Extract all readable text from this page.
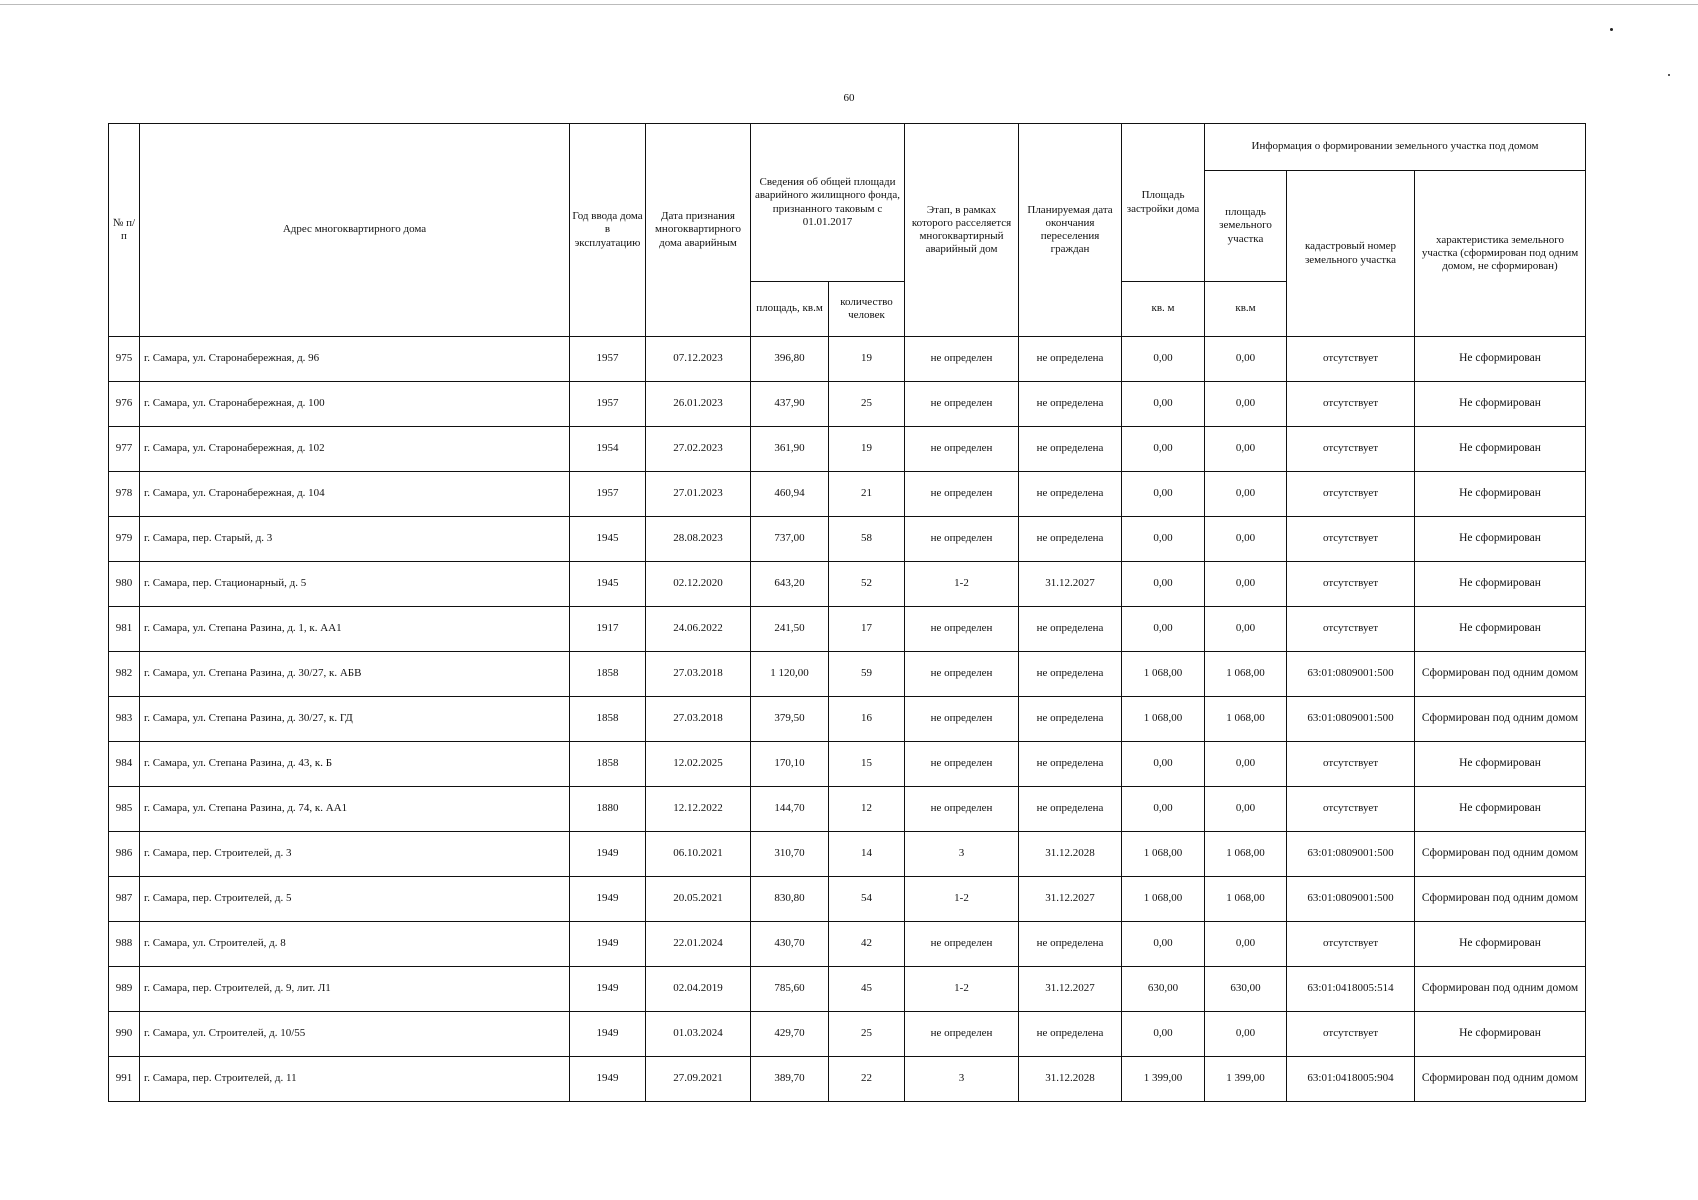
60
№ п/п	Адрес многоквартирного дома	Год ввода дома в эксплуатацию	Дата признания многоквартирного дома аварийным	Сведения об общей площади аварийного жилищного фонда, признанного таковым с 01.01.2017		Этап, в рамках которого расселяется многоквартирный аварийный дом	Планируемая дата окончания переселения граждан	Площадь застройки дома	Информация о формировании земельного участка под домом		
									площадь земельного участка	кадастровый номер земельного участка	характеристика земельного участка (сформирован под одним домом, не сформирован)
				площадь, кв.м	количество человек			кв. м	кв.м		
975	г. Самара, ул. Старонабережная, д. 96	1957	07.12.2023	396,80	19	не определен	не определена	0,00	0,00	отсутствует	Не сформирован
976	г. Самара, ул. Старонабережная, д. 100	1957	26.01.2023	437,90	25	не определен	не определена	0,00	0,00	отсутствует	Не сформирован
977	г. Самара, ул. Старонабережная, д. 102	1954	27.02.2023	361,90	19	не определен	не определена	0,00	0,00	отсутствует	Не сформирован
978	г. Самара, ул. Старонабережная, д. 104	1957	27.01.2023	460,94	21	не определен	не определена	0,00	0,00	отсутствует	Не сформирован
979	г. Самара, пер. Старый, д. 3	1945	28.08.2023	737,00	58	не определен	не определена	0,00	0,00	отсутствует	Не сформирован
980	г. Самара, пер. Стационарный, д. 5	1945	02.12.2020	643,20	52	1-2	31.12.2027	0,00	0,00	отсутствует	Не сформирован
981	г. Самара, ул. Степана Разина, д. 1, к. АА1	1917	24.06.2022	241,50	17	не определен	не определена	0,00	0,00	отсутствует	Не сформирован
982	г. Самара, ул. Степана Разина, д. 30/27, к. АБВ	1858	27.03.2018	1 120,00	59	не определен	не определена	1 068,00	1 068,00	63:01:0809001:500	Сформирован под одним домом
983	г. Самара, ул. Степана Разина, д. 30/27, к. ГД	1858	27.03.2018	379,50	16	не определен	не определена	1 068,00	1 068,00	63:01:0809001:500	Сформирован под одним домом
984	г. Самара, ул. Степана Разина, д. 43, к. Б	1858	12.02.2025	170,10	15	не определен	не определена	0,00	0,00	отсутствует	Не сформирован
985	г. Самара, ул. Степана Разина, д. 74, к. АА1	1880	12.12.2022	144,70	12	не определен	не определена	0,00	0,00	отсутствует	Не сформирован
986	г. Самара, пер. Строителей, д. 3	1949	06.10.2021	310,70	14	3	31.12.2028	1 068,00	1 068,00	63:01:0809001:500	Сформирован под одним домом
987	г. Самара, пер. Строителей, д. 5	1949	20.05.2021	830,80	54	1-2	31.12.2027	1 068,00	1 068,00	63:01:0809001:500	Сформирован под одним домом
988	г. Самара, ул. Строителей, д. 8	1949	22.01.2024	430,70	42	не определен	не определена	0,00	0,00	отсутствует	Не сформирован
989	г. Самара, пер. Строителей, д. 9, лит. Л1	1949	02.04.2019	785,60	45	1-2	31.12.2027	630,00	630,00	63:01:0418005:514	Сформирован под одним домом
990	г. Самара, ул. Строителей, д. 10/55	1949	01.03.2024	429,70	25	не определен	не определена	0,00	0,00	отсутствует	Не сформирован
991	г. Самара, пер. Строителей, д. 11	1949	27.09.2021	389,70	22	3	31.12.2028	1 399,00	1 399,00	63:01:0418005:904	Сформирован под одним домом
